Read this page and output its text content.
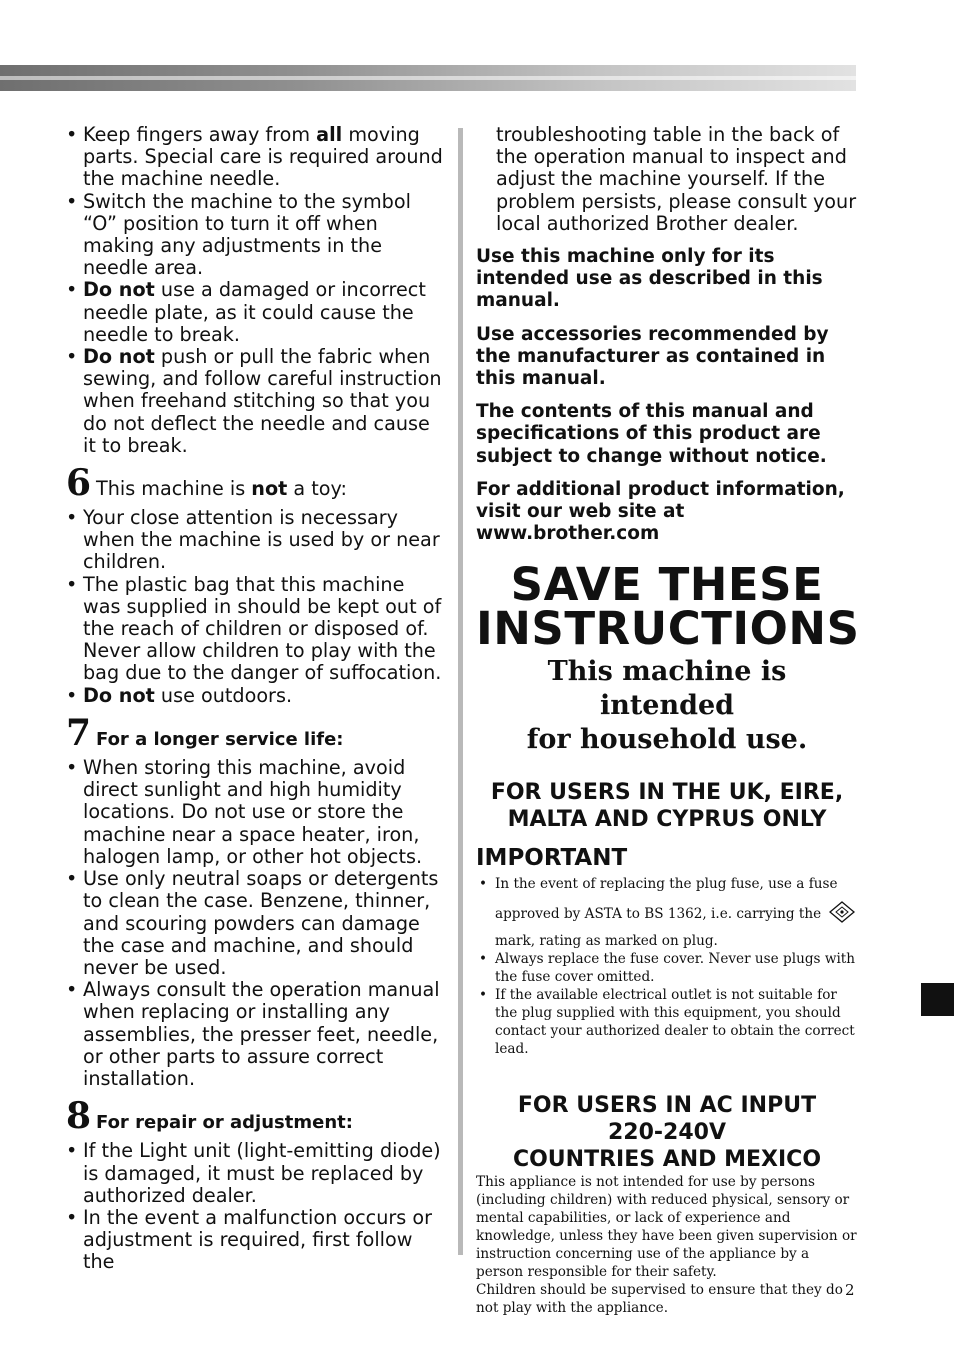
• Keep fingers away from all moving parts. Special care is required around the machine needle.
• Switch the machine to the symbol “O” position to turn it off when making any adjustments in the needle area.
• Do not use a damaged or incorrect needle plate, as it could cause the needle to break.
• Do not push or pull the fabric when sewing, and follow careful instruction when freehand stitching so that you do not deflect the needle and cause it to break.
6 This machine is not a toy:
• Your close attention is necessary when the machine is used by or near children.
• The plastic bag that this machine was supplied in should be kept out of the reach of children or disposed of. Never allow children to play with the bag due to the danger of suffocation.
• Do not use outdoors.
7 For a longer service life:
• When storing this machine, avoid direct sunlight and high humidity locations. Do not use or store the machine near a space heater, iron, halogen lamp, or other hot objects.
• Use only neutral soaps or detergents to clean the case. Benzene, thinner, and scouring powders can damage the case and machine, and should never be used.
• Always consult the operation manual when replacing or installing any assemblies, the presser feet, needle, or other parts to assure correct installation.
8 For repair or adjustment:
• If the Light unit (light-emitting diode) is damaged, it must be replaced by authorized dealer.
• In the event a malfunction occurs or adjustment is required, first follow the
troubleshooting table in the back of the operation manual to inspect and adjust the machine yourself. If the problem persists, please consult your local authorized Brother dealer.

Use this machine only for its intended use as described in this manual.

Use accessories recommended by the manufacturer as contained in this manual.

The contents of this manual and specifications of this product are subject to change without notice.

For additional product information, visit our web site at www.brother.com

SAVE THESE
INSTRUCTIONS
This machine is intended
for household use.
FOR USERS IN THE UK, EIRE,
MALTA AND CYPRUS ONLY
IMPORTANT
• In the event of replacing the plug fuse, use a fuse
approved by ASTA to BS 1362, i.e. carrying the
mark, rating as marked on plug.
• Always replace the fuse cover. Never use plugs with the fuse cover omitted.
• If the available electrical outlet is not suitable for the plug supplied with this equipment, you should contact your authorized dealer to obtain the correct lead.
FOR USERS IN AC INPUT
220-240V
COUNTRIES AND MEXICO
This appliance is not intended for use by persons (including children) with reduced physical, sensory or mental capabilities, or lack of experience and knowledge, unless they have been given supervision or instruction concerning use of the appliance by a person responsible for their safety.
Children should be supervised to ensure that they do not play with the appliance.
2
